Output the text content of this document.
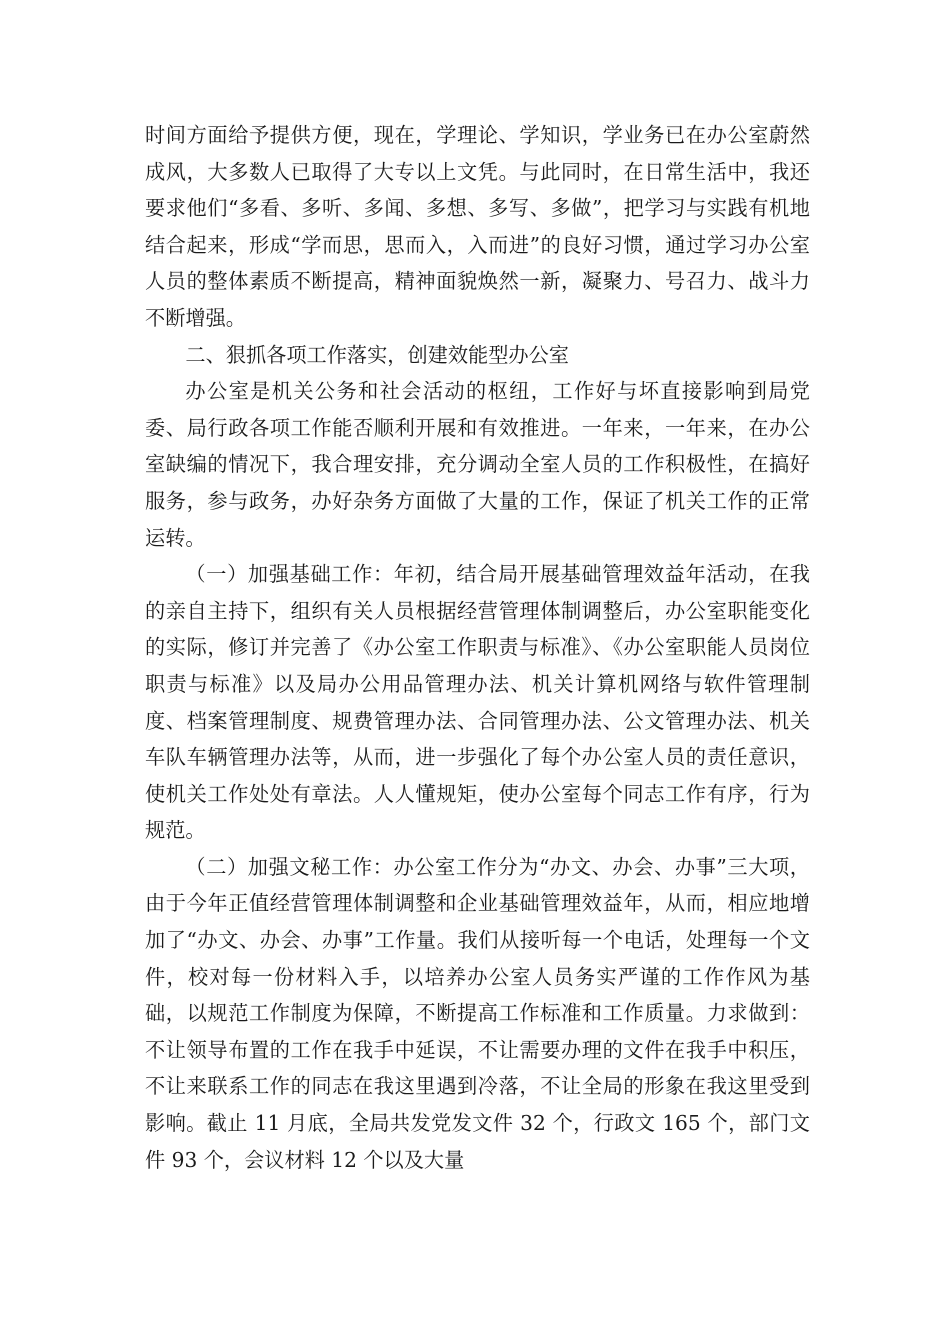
时间方面给予提供方便，现在，学理论、学知识，学业务已在办公室蔚然成风，大多数人已取得了大专以上文凭。与此同时，在日常生活中，我还要求他们“多看、多听、多闻、多想、多写、多做”，把学习与实践有机地结合起来，形成“学而思，思而入，入而进”的良好习惯，通过学习办公室人员的整体素质不断提高，精神面貌焕然一新，凝聚力、号召力、战斗力不断增强。

二、狠抓各项工作落实，创建效能型办公室

办公室是机关公务和社会活动的枢纽，工作好与坏直接影响到局党委、局行政各项工作能否顺利开展和有效推进。一年来，一年来，在办公室缺编的情况下，我合理安排，充分调动全室人员的工作积极性，在搞好服务，参与政务，办好杂务方面做了大量的工作，保证了机关工作的正常运转。

（一）加强基础工作：年初，结合局开展基础管理效益年活动，在我的亲自主持下，组织有关人员根据经营管理体制调整后，办公室职能变化的实际，修订并完善了《办公室工作职责与标准》、《办公室职能人员岗位职责与标准》以及局办公用品管理办法、机关计算机网络与软件管理制度、档案管理制度、规费管理办法、合同管理办法、公文管理办法、机关车队车辆管理办法等，从而，进一步强化了每个办公室人员的责任意识，使机关工作处处有章法。人人懂规矩，使办公室每个同志工作有序，行为规范。

（二）加强文秘工作：办公室工作分为“办文、办会、办事”三大项，由于今年正值经营管理体制调整和企业基础管理效益年，从而，相应地增加了“办文、办会、办事”工作量。我们从接听每一个电话，处理每一个文件，校对每一份材料入手，以培养办公室人员务实严谨的工作作风为基础，以规范工作制度为保障，不断提高工作标准和工作质量。力求做到：不让领导布置的工作在我手中延误，不让需要办理的文件在我手中积压，不让来联系工作的同志在我这里遇到冷落，不让全局的形象在我这里受到影响。截止 11 月底，全局共发党发文件 32 个，行政文 165 个，部门文件 93 个，会议材料 12 个以及大量
